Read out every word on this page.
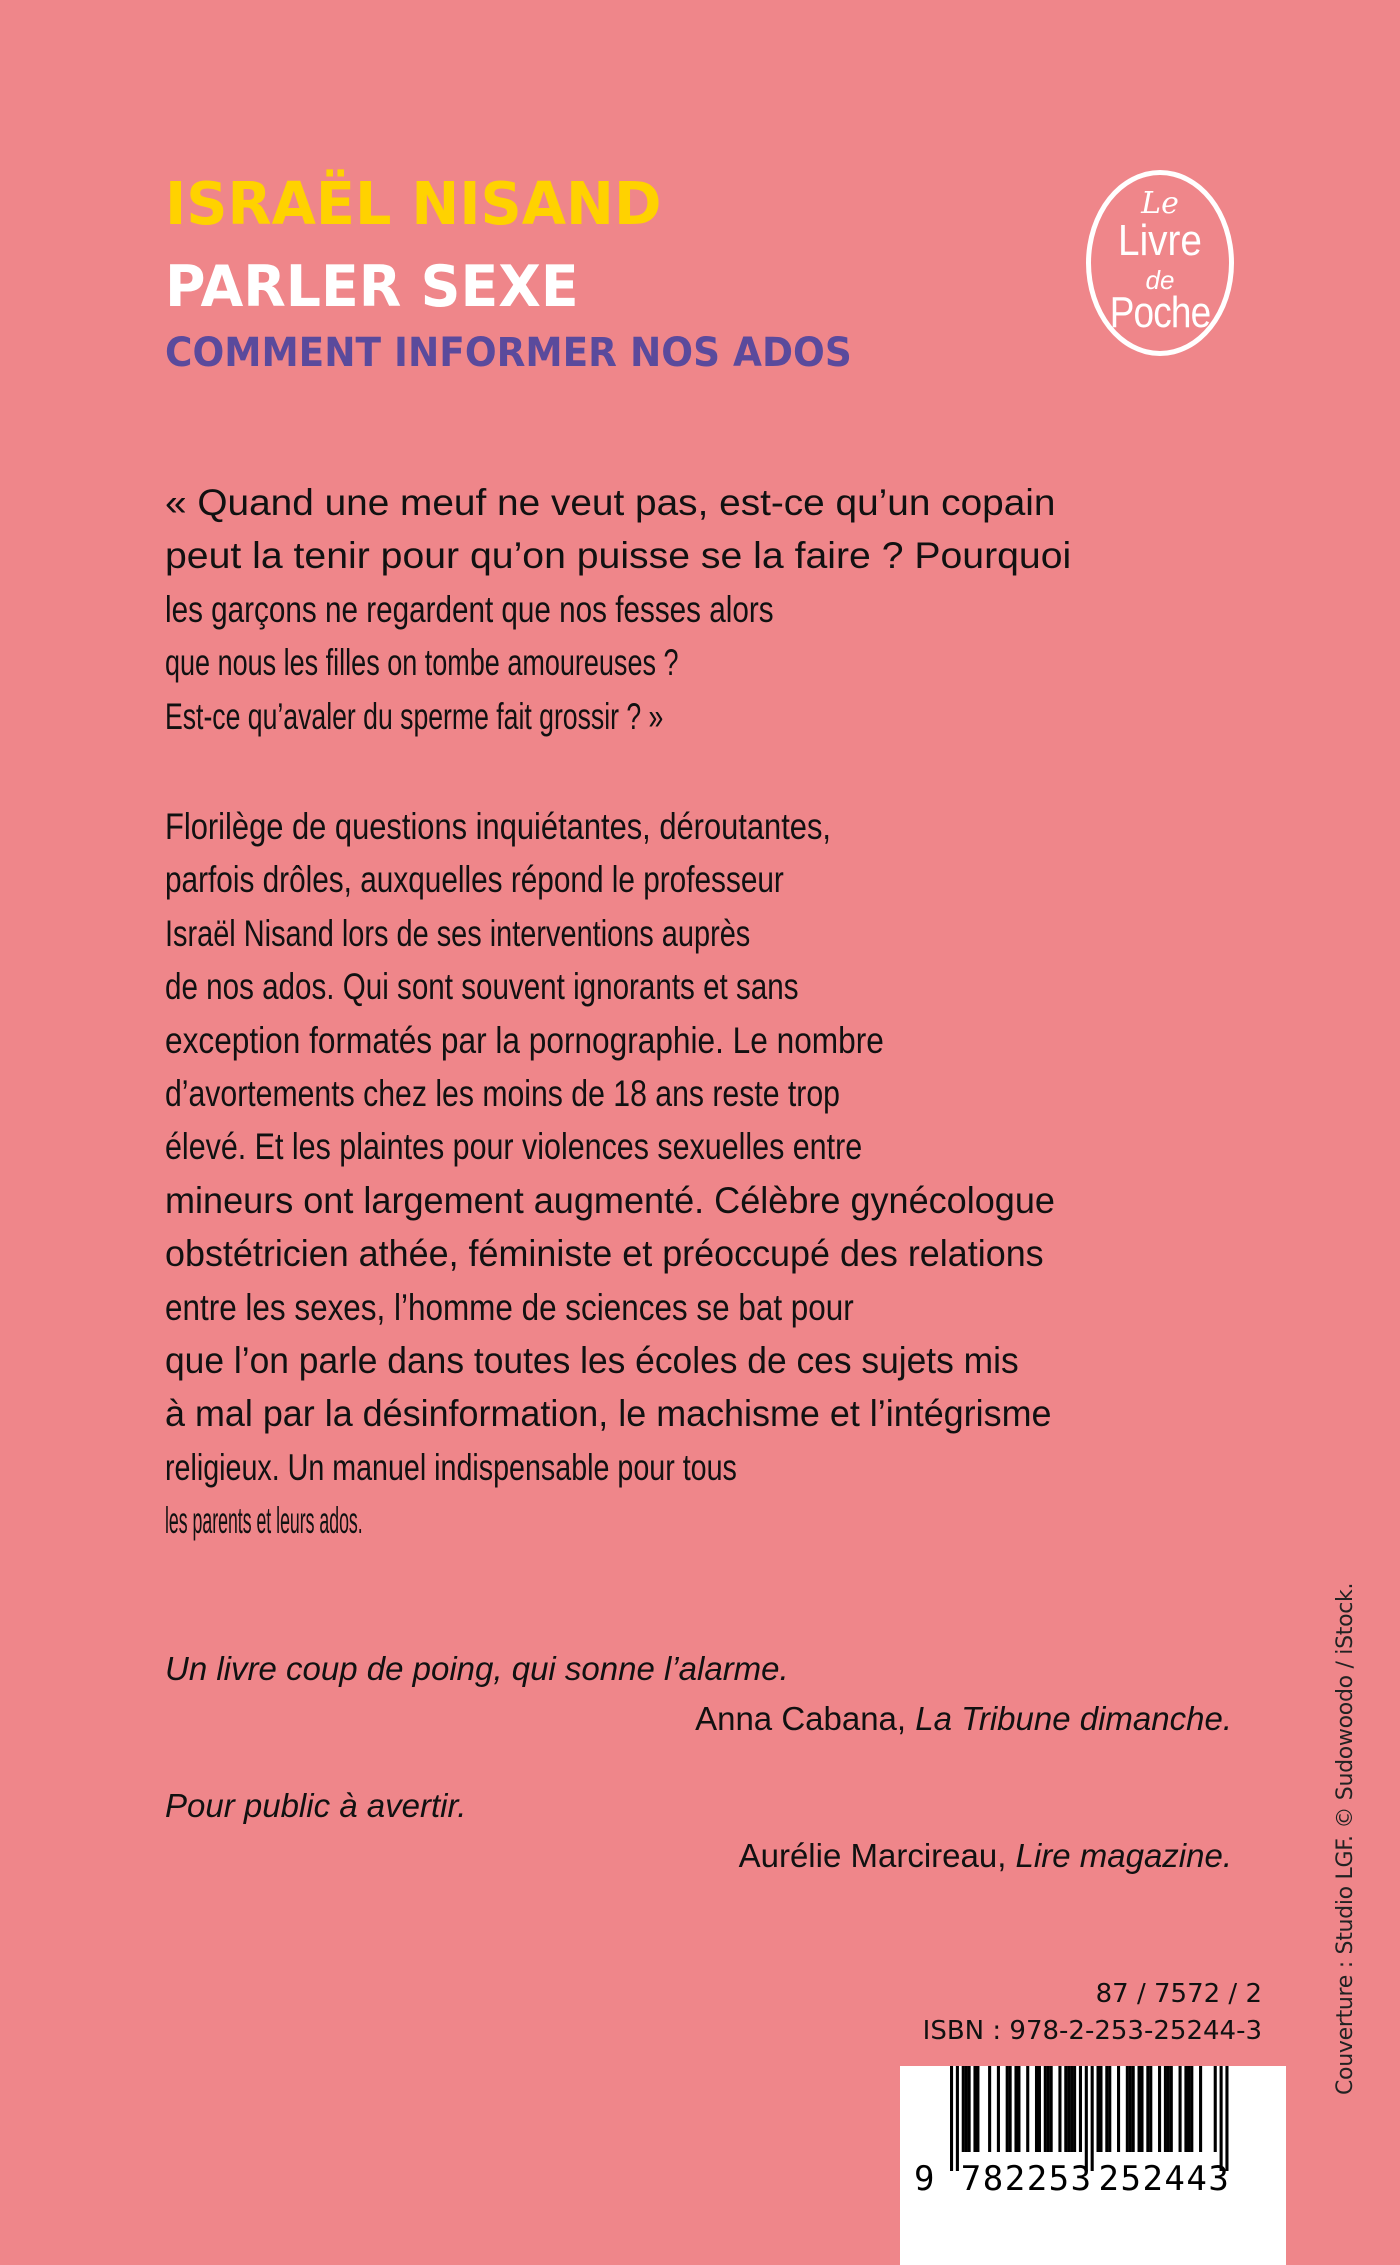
ISRAËL NISAND
PARLER SEXE
COMMENT INFORMER NOS ADOS
Le
Livre
de
Poche
« Quand une meuf ne veut pas, est-ce qu’un copain
peut la tenir pour qu’on puisse se la faire ? Pourquoi
les garçons ne regardent que nos fesses alors
que nous les filles on tombe amoureuses ?
Est-ce qu’avaler du sperme fait grossir ? »
Florilège de questions inquiétantes, déroutantes,
parfois drôles, auxquelles répond le professeur
Israël Nisand lors de ses interventions auprès
de nos ados. Qui sont souvent ignorants et sans
exception formatés par la pornographie. Le nombre
d’avortements chez les moins de 18 ans reste trop
élevé. Et les plaintes pour violences sexuelles entre
mineurs ont largement augmenté. Célèbre gynécologue
obstétricien athée, féministe et préoccupé des relations
entre les sexes, l’homme de sciences se bat pour
que l’on parle dans toutes les écoles de ces sujets mis
à mal par la désinformation, le machisme et l’intégrisme
religieux. Un manuel indispensable pour tous
les parents et leurs ados.
Un livre coup de poing, qui sonne l’alarme.
Anna Cabana, La Tribune dimanche.
Pour public à avertir.
Aurélie Marcireau, Lire magazine.
87 / 7572 / 2
ISBN : 978-2-253-25244-3
9 782253 252443
Couverture : Studio LGF. © Sudowoodo / iStock.
